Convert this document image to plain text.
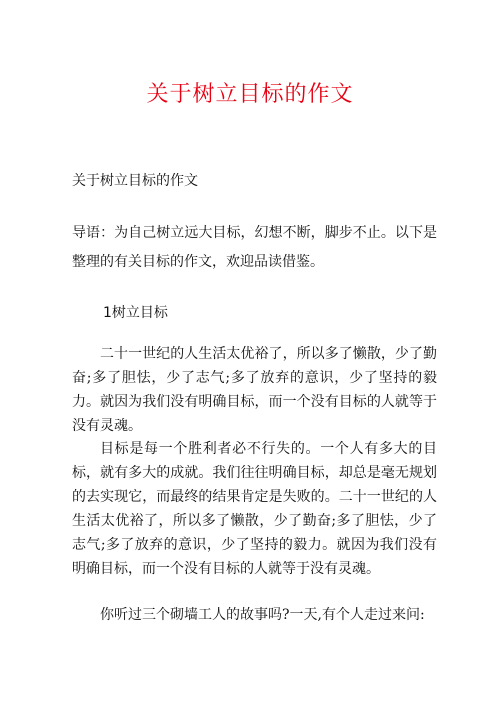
关于树立目标的作文

关于树立目标的作文

导语：为自己树立远大目标，幻想不断，脚步不止。以下是整理的有关目标的作文，欢迎品读借鉴。

1树立目标

二十一世纪的人生活太优裕了，所以多了懒散，少了勤奋;多了胆怯，少了志气;多了放弃的意识，少了坚持的毅力。就因为我们没有明确目标，而一个没有目标的人就等于没有灵魂。

目标是每一个胜利者必不行失的。一个人有多大的目标，就有多大的成就。我们往往明确目标，却总是毫无规划的去实现它，而最终的结果肯定是失败的。二十一世纪的人生活太优裕了，所以多了懒散，少了勤奋;多了胆怯，少了志气;多了放弃的意识，少了坚持的毅力。就因为我们没有明确目标，而一个没有目标的人就等于没有灵魂。

你听过三个砌墙工人的故事吗?一天,有个人走过来问:
